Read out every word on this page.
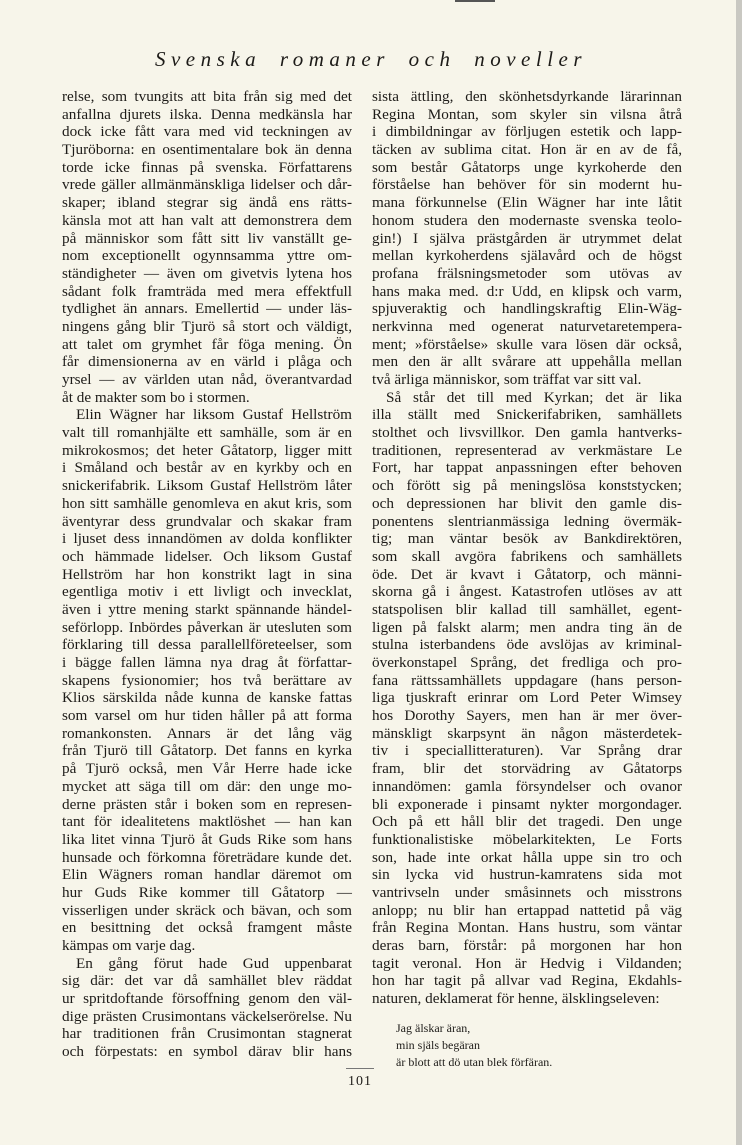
Svenska romaner och noveller
relse, som tvungits att bita från sig med det
anfallna djurets ilska. Denna medkänsla har
dock icke fått vara med vid teckningen av
Tjuröborna: en osentimentalare bok än denna
torde icke finnas på svenska. Författarens
vrede gäller allmänmänskliga lidelser och dår-
skaper; ibland stegrar sig ändå ens rätts-
känsla mot att han valt att demonstrera dem
på människor som fått sitt liv vanställt ge-
nom exceptionellt ogynnsamma yttre om-
ständigheter — även om givetvis lytena hos
sådant folk framträda med mera effektfull
tydlighet än annars. Emellertid — under läs-
ningens gång blir Tjurö så stort och väldigt,
att talet om grymhet får föga mening. Ön
får dimensionerna av en värld i plåga och
yrsel — av världen utan nåd, överantvardad
åt de makter som bo i stormen.
Elin Wägner har liksom Gustaf Hellström
valt till romanhjälte ett samhälle, som är en
mikrokosmos; det heter Gåtatorp, ligger mitt
i Småland och består av en kyrkby och en
snickerifabrik. Liksom Gustaf Hellström låter
hon sitt samhälle genomleva en akut kris, som
äventyrar dess grundvalar och skakar fram
i ljuset dess innandömen av dolda konflikter
och hämmade lidelser. Och liksom Gustaf
Hellström har hon konstrikt lagt in sina
egentliga motiv i ett livligt och invecklat,
även i yttre mening starkt spännande händel-
seförlopp. Inbördes påverkan är utesluten som
förklaring till dessa parallellföreteelser, som
i bägge fallen lämna nya drag åt författar-
skapens fysionomier; hos två berättare av
Klios särskilda nåde kunna de kanske fattas
som varsel om hur tiden håller på att forma
romankonsten. Annars är det lång väg
från Tjurö till Gåtatorp. Det fanns en kyrka
på Tjurö också, men Vår Herre hade icke
mycket att säga till om där: den unge mo-
derne prästen står i boken som en represen-
tant för idealitetens maktlöshet — han kan
lika litet vinna Tjurö åt Guds Rike som hans
hunsade och förkomna företrädare kunde det.
Elin Wägners roman handlar däremot om
hur Guds Rike kommer till Gåtatorp —
visserligen under skräck och bävan, och som
en besittning det också framgent måste
kämpas om varje dag.
En gång förut hade Gud uppenbarat
sig där: det var då samhället blev räddat
ur spritdoftande försoffning genom den väl-
dige prästen Crusimontans väckelserörelse. Nu
har traditionen från Crusimontan stagnerat
och förpestats: en symbol därav blir hans
sista ättling, den skönhetsdyrkande lärarinnan
Regina Montan, som skyler sin vilsna åtrå
i dimbildningar av förljugen estetik och lapp-
täcken av sublima citat. Hon är en av de få,
som består Gåtatorps unge kyrkoherde den
förståelse han behöver för sin modernt hu-
mana förkunnelse (Elin Wägner har inte låtit
honom studera den modernaste svenska teolo-
gin!) I själva prästgården är utrymmet delat
mellan kyrkoherdens själavård och de högst
profana frälsningsmetoder som utövas av
hans maka med. d:r Udd, en klipsk och varm,
spjuveraktig och handlingskraftig Elin-Wäg-
nerkvinna med ogenerat naturvetaretempera-
ment; »förståelse» skulle vara lösen där också,
men den är allt svårare att uppehålla mellan
två ärliga människor, som träffat var sitt val.
Så står det till med Kyrkan; det är lika
illa ställt med Snickerifabriken, samhällets
stolthet och livsvillkor. Den gamla hantverks-
traditionen, representerad av verkmästare Le
Fort, har tappat anpassningen efter behoven
och förött sig på meningslösa konststycken;
och depressionen har blivit den gamle dis-
ponentens slentrianmässiga ledning övermäk-
tig; man väntar besök av Bankdirektören,
som skall avgöra fabrikens och samhällets
öde. Det är kvavt i Gåtatorp, och männi-
skorna gå i ångest. Katastrofen utlöses av att
statspolisen blir kallad till samhället, egent-
ligen på falskt alarm; men andra ting än de
stulna isterbandens öde avslöjas av kriminal-
överkonstapel Språng, det fredliga och pro-
fana rättssamhällets uppdagare (hans person-
liga tjuskraft erinrar om Lord Peter Wimsey
hos Dorothy Sayers, men han är mer över-
mänskligt skarpsynt än någon mästerdetek-
tiv i speciallitteraturen). Var Språng drar
fram, blir det storvädring av Gåtatorps
innandömen: gamla försyndelser och ovanor
bli exponerade i pinsamt nykter morgondager.
Och på ett håll blir det tragedi. Den unge
funktionalistiske möbelarkitekten, Le Forts
son, hade inte orkat hålla uppe sin tro och
sin lycka vid hustrun-kamratens sida mot
vantrivseln under småsinnets och misstrons
anlopp; nu blir han ertappad nattetid på väg
från Regina Montan. Hans hustru, som väntar
deras barn, förstår: på morgonen har hon
tagit veronal. Hon är Hedvig i Vildanden;
hon har tagit på allvar vad Regina, Ekdahls-
naturen, deklamerat för henne, älsklingseleven:
Jag älskar äran,
min själs begäran
är blott att dö utan blek förfäran.
101
